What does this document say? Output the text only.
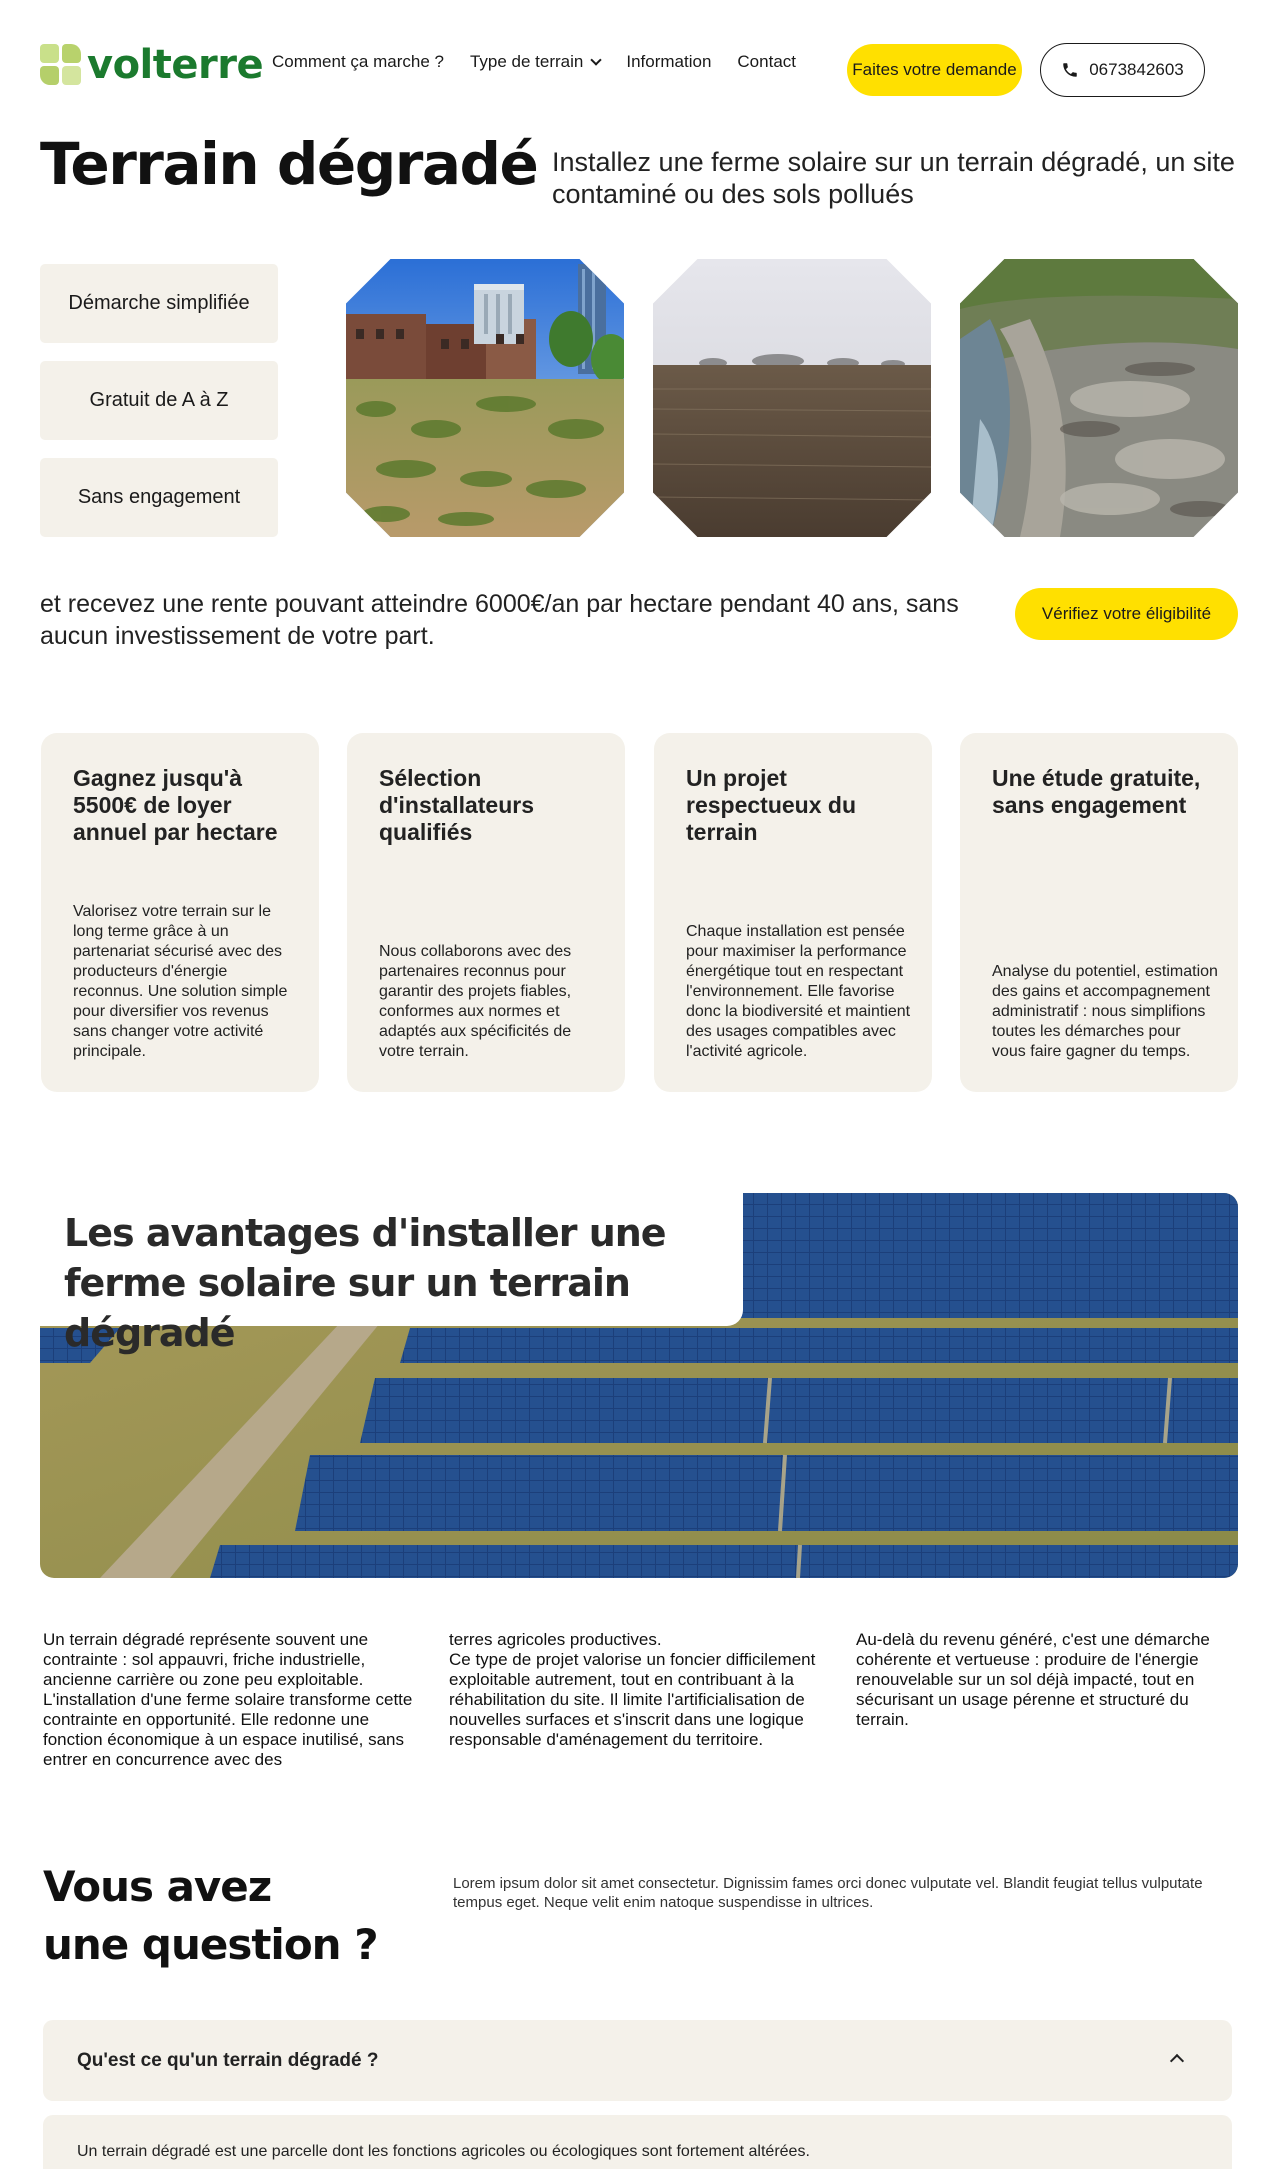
volterre Comment ça marche ? Type de terrain	Information Contact	Faites votre demande	0673842603
Terrain dégradé Installez une ferme solaire sur un terrain dégradé, un site contaminé ou des sols pollués

Démarche simplifiée
Gratuit de A à Z
Sans engagement

et recevez une rente pouvant atteindre 6000€/an par hectare pendant 40 ans, sans aucun investissement de votre part.

Vérifiez votre éligibilité
Gagnez jusqu'à 5500€ de loyer annuel par hectare
Valorisez votre terrain sur le long terme grâce à un partenariat sécurisé avec des producteurs d'énergie reconnus. Une solution simple pour diversifier vos revenus sans changer votre activité principale.
Sélection d'installateurs qualifiés
Nous collaborons avec des partenaires reconnus pour garantir des projets fiables, conformes aux normes et adaptés aux spécificités de votre terrain.
Un projet respectueux du terrain
Chaque installation est pensée pour maximiser la performance énergétique tout en respectant l'environnement. Elle favorise donc la biodiversité et maintient des usages compatibles avec l'activité agricole.
Une étude gratuite, sans engagement
Analyse du potentiel, estimation des gains et accompagnement administratif : nous simplifions toutes les démarches pour vous faire gagner du temps.
Les avantages d'installer une ferme solaire sur un terrain dégradé

Un terrain dégradé représente souvent une contrainte : sol appauvri, friche industrielle, ancienne carrière ou zone peu exploitable. L'installation d'une ferme solaire transforme cette contrainte en opportunité. Elle redonne une fonction économique à un espace inutilisé, sans entrer en concurrence avec des

terres agricoles productives.
Ce type de projet valorise un foncier difficilement exploitable autrement, tout en contribuant à la réhabilitation du site. Il limite l'artificialisation de nouvelles surfaces et s'inscrit dans une logique responsable d'aménagement du territoire.

Au-delà du revenu généré, c'est une démarche cohérente et vertueuse : produire de l'énergie renouvelable sur un sol déjà impacté, tout en sécurisant un usage pérenne et structuré du terrain.

Vous avez
une question ?

Lorem ipsum dolor sit amet consectetur. Dignissim fames orci donec vulputate vel. Blandit feugiat tellus vulputate tempus eget. Neque velit enim natoque suspendisse in ultrices.

Qu'est ce qu'un terrain dégradé ?

Un terrain dégradé est une parcelle dont les fonctions agricoles ou écologiques sont fortement altérées.
